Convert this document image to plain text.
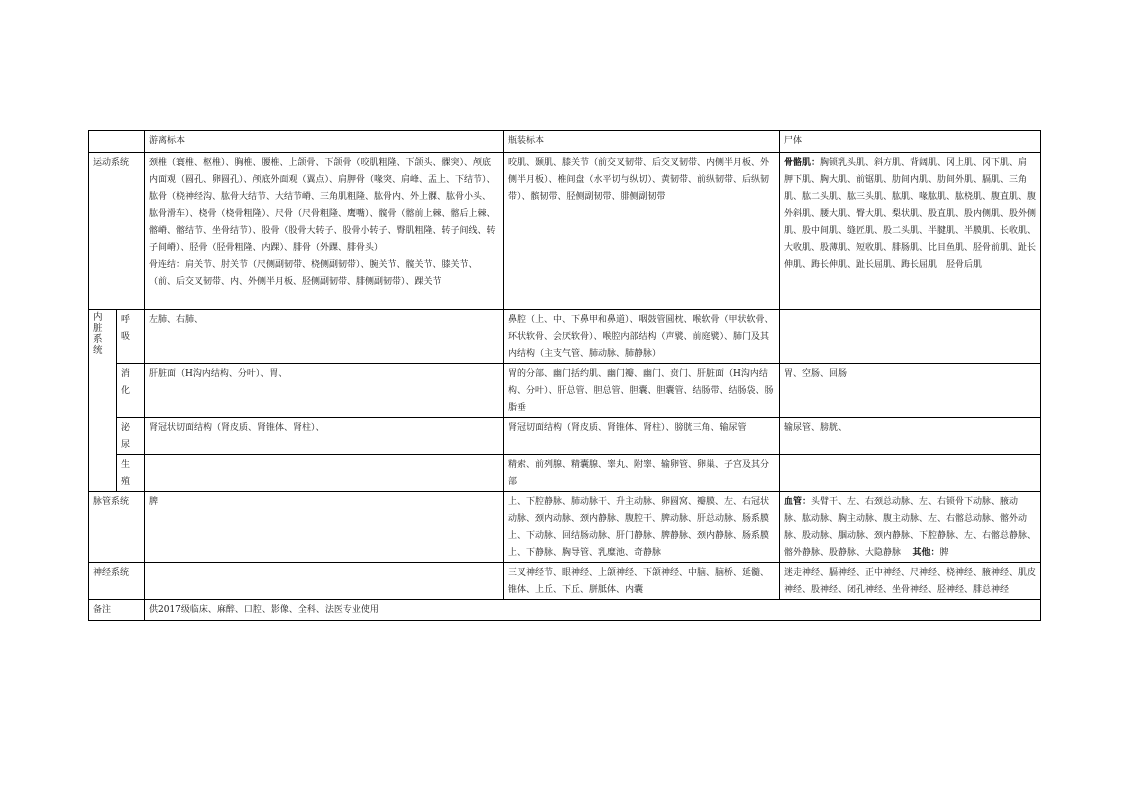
		游离标本	瓶装标本	尸体
运动系统		颈椎（寰椎、枢椎）、胸椎、腰椎、上颌骨、下颌骨（咬肌粗隆、下颌头、髁突）、颅底内面观（圆孔、卵圆孔）、颅底外面观（翼点）、肩胛骨（喙突、肩峰、盂上、下结节）、肱骨（桡神经沟、肱骨大结节、大结节嵴、三角肌粗隆、肱骨内、外上髁、肱骨小头、肱骨滑车）、桡骨（桡骨粗隆）、尺骨（尺骨粗隆、鹰嘴）、髋骨（髂前上棘、髂后上棘、髂嵴、髂结节、坐骨结节）、股骨（股骨大转子、股骨小转子、臀肌粗隆、转子间线、转子间嵴）、胫骨（胫骨粗隆、内踝）、腓骨（外踝、腓骨头）
骨连结：肩关节、肘关节（尺侧副韧带、桡侧副韧带）、腕关节、髋关节、膝关节、（前、后交叉韧带、内、外侧半月板、胫侧副韧带、腓侧副韧带）、踝关节	咬肌、颞肌、膝关节（前交叉韧带、后交叉韧带、内侧半月板、外侧半月板）、椎间盘（水平切与纵切）、黄韧带、前纵韧带、后纵韧带）、髌韧带、胫侧副韧带、腓侧副韧带	骨骼肌：胸锁乳头肌、斜方肌、背阔肌、冈上肌、冈下肌、肩胛下肌、胸大肌、前锯肌、肋间内肌、肋间外肌、膈肌、三角肌、肱二头肌、肱三头肌、肱肌、喙肱肌、肱桡肌、腹直肌、腹外斜肌、腰大肌、臀大肌、梨状肌、股直肌、股内侧肌、股外侧肌、股中间肌、缝匠肌、股二头肌、半腱肌、半膜肌、长收肌、大收肌、股薄肌、短收肌、腓肠肌、比目鱼肌、胫骨前肌、趾长伸肌、踇长伸肌、趾长屈肌、踇长屈肌　胫骨后肌
内脏系统	呼吸	左肺、右肺、	鼻腔（上、中、下鼻甲和鼻道）、咽鼓管圆枕、喉软骨（甲状软骨、环状软骨、会厌软骨）、喉腔内部结构（声襞、前庭襞）、肺门及其内结构（主支气管、肺动脉、肺静脉）	
	消化	肝脏面（H沟内结构、分叶）、胃、	胃的分部、幽门括约肌、幽门瓣、幽门、贲门、肝脏面（H沟内结构、分叶）、肝总管、胆总管、胆囊、胆囊管、结肠带、结肠袋、肠脂垂	胃、空肠、回肠
	泌尿	肾冠状切面结构（肾皮质、肾锥体、肾柱）、	肾冠切面结构（肾皮质、肾锥体、肾柱）、膀胱三角、输尿管	输尿管、膀胱、
	生殖		精索、前列腺、精囊腺、睾丸、附睾、输卵管、卵巢、子宫及其分部	
脉管系统		脾	上、下腔静脉、肺动脉干、升主动脉、卵圆窝、瓣膜、左、右冠状动脉、颈内动脉、颈内静脉、腹腔干、脾动脉、肝总动脉、肠系膜上、下动脉、回结肠动脉、肝门静脉、脾静脉、颈内静脉、肠系膜上、下静脉、胸导管、乳糜池、奇静脉	血管：头臂干、左、右颈总动脉、左、右锁骨下动脉、腋动脉、肱动脉、胸主动脉、腹主动脉、左、右髂总动脉、髂外动脉、股动脉、腘动脉、颈内静脉、下腔静脉、左、右髂总静脉、髂外静脉、股静脉、大隐静脉 其他：脾
神经系统			三叉神经节、眼神经、上颌神经、下颌神经、中脑、脑桥、延髓、锥体、上丘、下丘、胼胝体、内囊	迷走神经、膈神经、正中神经、尺神经、桡神经、腋神经、肌皮神经、股神经、闭孔神经、坐骨神经、胫神经、腓总神经
备注		供2017级临床、麻醉、口腔、影像、全科、法医专业使用		
